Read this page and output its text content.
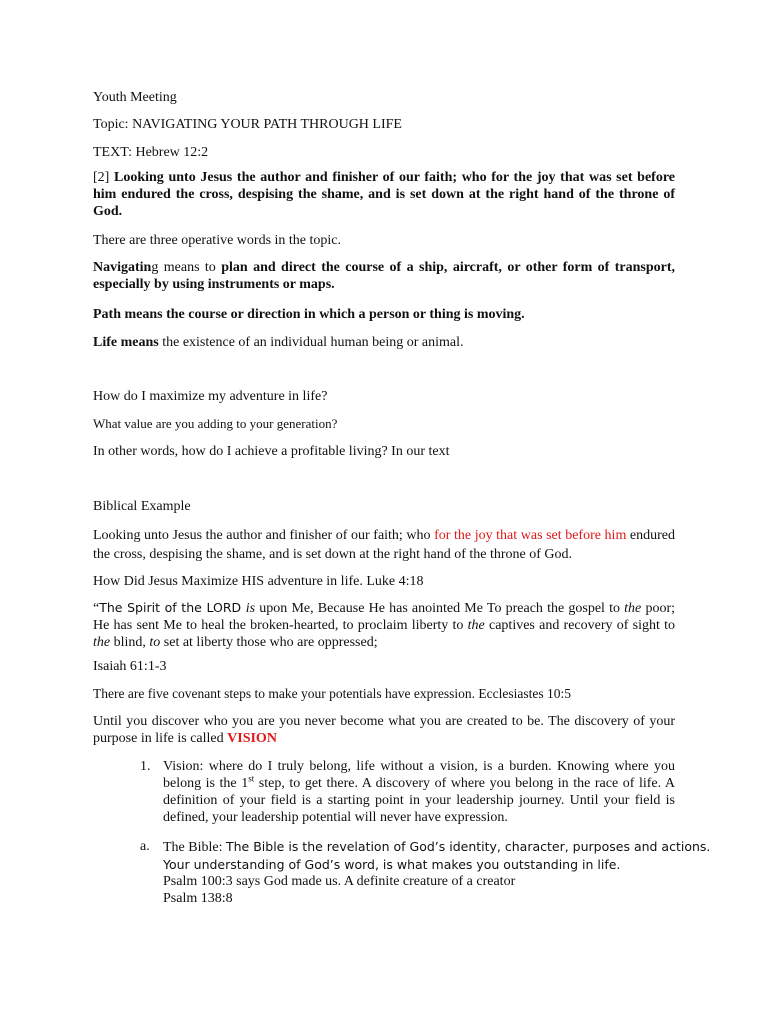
Youth Meeting
Topic: NAVIGATING YOUR PATH THROUGH LIFE
TEXT: Hebrew 12:2
[2] Looking unto Jesus the author and finisher of our faith; who for the joy that was set before him endured the cross, despising the shame, and is set down at the right hand of the throne of God.
There are three operative words in the topic.
Navigating means to plan and direct the course of a ship, aircraft, or other form of transport, especially by using instruments or maps.
Path means the course or direction in which a person or thing is moving.
Life means the existence of an individual human being or animal.
How do I maximize my adventure in life?
What value are you adding to your generation?
In other words, how do I achieve a profitable living? In our text
Biblical Example
Looking unto Jesus the author and finisher of our faith; who for the joy that was set before him endured the cross, despising the shame, and is set down at the right hand of the throne of God.
How Did Jesus Maximize HIS adventure in life. Luke 4:18
“The Spirit of the LORD is upon Me, Because He has anointed Me To preach the gospel to the poor; He has sent Me to heal the broken-hearted, to proclaim liberty to the captives and recovery of sight to the blind, to set at liberty those who are oppressed;
Isaiah 61:1-3
There are five covenant steps to make your potentials have expression. Ecclesiastes 10:5
Until you discover who you are you never become what you are created to be. The discovery of your purpose in life is called VISION
1. Vision: where do I truly belong, life without a vision, is a burden. Knowing where you belong is the 1st step, to get there. A discovery of where you belong in the race of life. A definition of your field is a starting point in your leadership journey. Until your field is defined, your leadership potential will never have expression.
a. The Bible: The Bible is the revelation of God’s identity, character, purposes and actions.
Your understanding of God’s word, is what makes you outstanding in life.
Psalm 100:3 says God made us. A definite creature of a creator
Psalm 138:8
